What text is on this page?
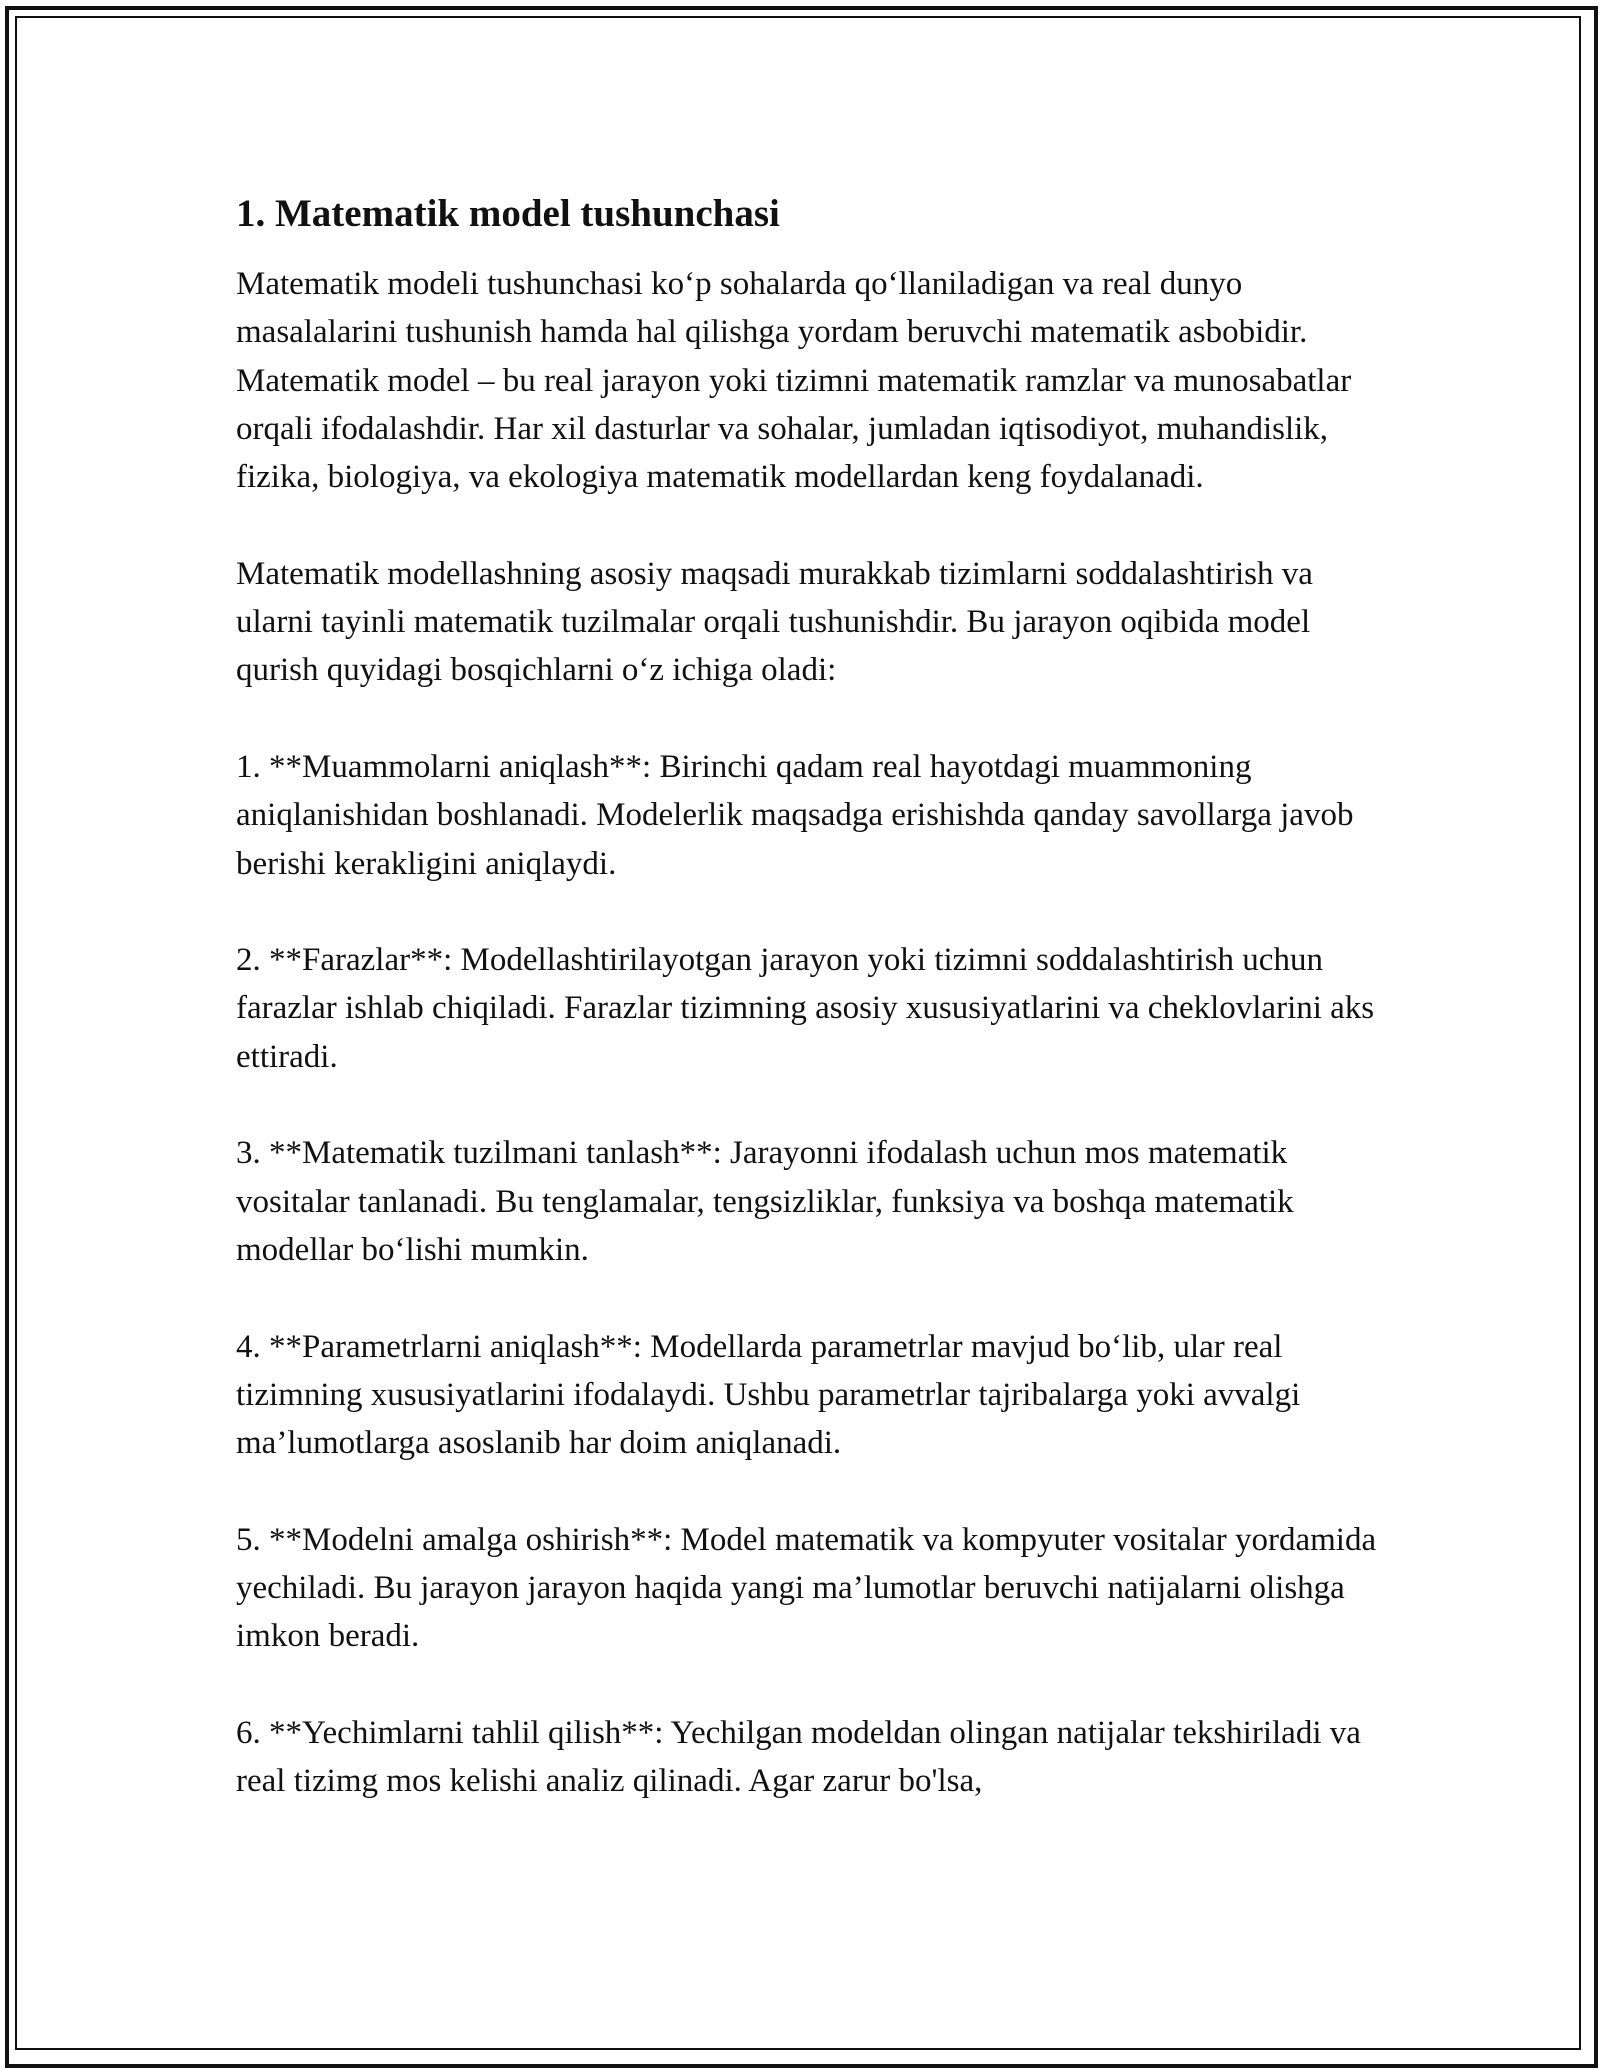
1. Matematik model tushunchasi

Matematik modeli tushunchasi ko‘p sohalarda qo‘llaniladigan va real dunyo masalalarini tushunish hamda hal qilishga yordam beruvchi matematik asbobidir. Matematik model – bu real jarayon yoki tizimni matematik ramzlar va munosabatlar orqali ifodalashdir. Har xil dasturlar va sohalar, jumladan iqtisodiyot, muhandislik, fizika, biologiya, va ekologiya matematik modellardan keng foydalanadi.

Matematik modellashning asosiy maqsadi murakkab tizimlarni soddalashtirish va ularni tayinli matematik tuzilmalar orqali tushunishdir. Bu jarayon oqibida model qurish quyidagi bosqichlarni o‘z ichiga oladi:

1. **Muammolarni aniqlash**: Birinchi qadam real hayotdagi muammoning aniqlanishidan boshlanadi. Modelerlik maqsadga erishishda qanday savollarga javob berishi kerakligini aniqlaydi.

2. **Farazlar**: Modellashtirilayotgan jarayon yoki tizimni soddalashtirish uchun farazlar ishlab chiqiladi. Farazlar tizimning asosiy xususiyatlarini va cheklovlarini aks ettiradi.

3. **Matematik tuzilmani tanlash**: Jarayonni ifodalash uchun mos matematik vositalar tanlanadi. Bu tenglamalar, tengsizliklar, funksiya va boshqa matematik modellar bo‘lishi mumkin.

4. **Parametrlarni aniqlash**: Modellarda parametrlar mavjud bo‘lib, ular real tizimning xususiyatlarini ifodalaydi. Ushbu parametrlar tajribalarga yoki avvalgi ma’lumotlarga asoslanib har doim aniqlanadi.

5. **Modelni amalga oshirish**: Model matematik va kompyuter vositalar yordamida yechiladi. Bu jarayon jarayon haqida yangi ma’lumotlar beruvchi natijalarni olishga imkon beradi.

6. **Yechimlarni tahlil qilish**: Yechilgan modeldan olingan natijalar tekshiriladi va real tizimg mos kelishi analiz qilinadi. Agar zarur bo'lsa,
